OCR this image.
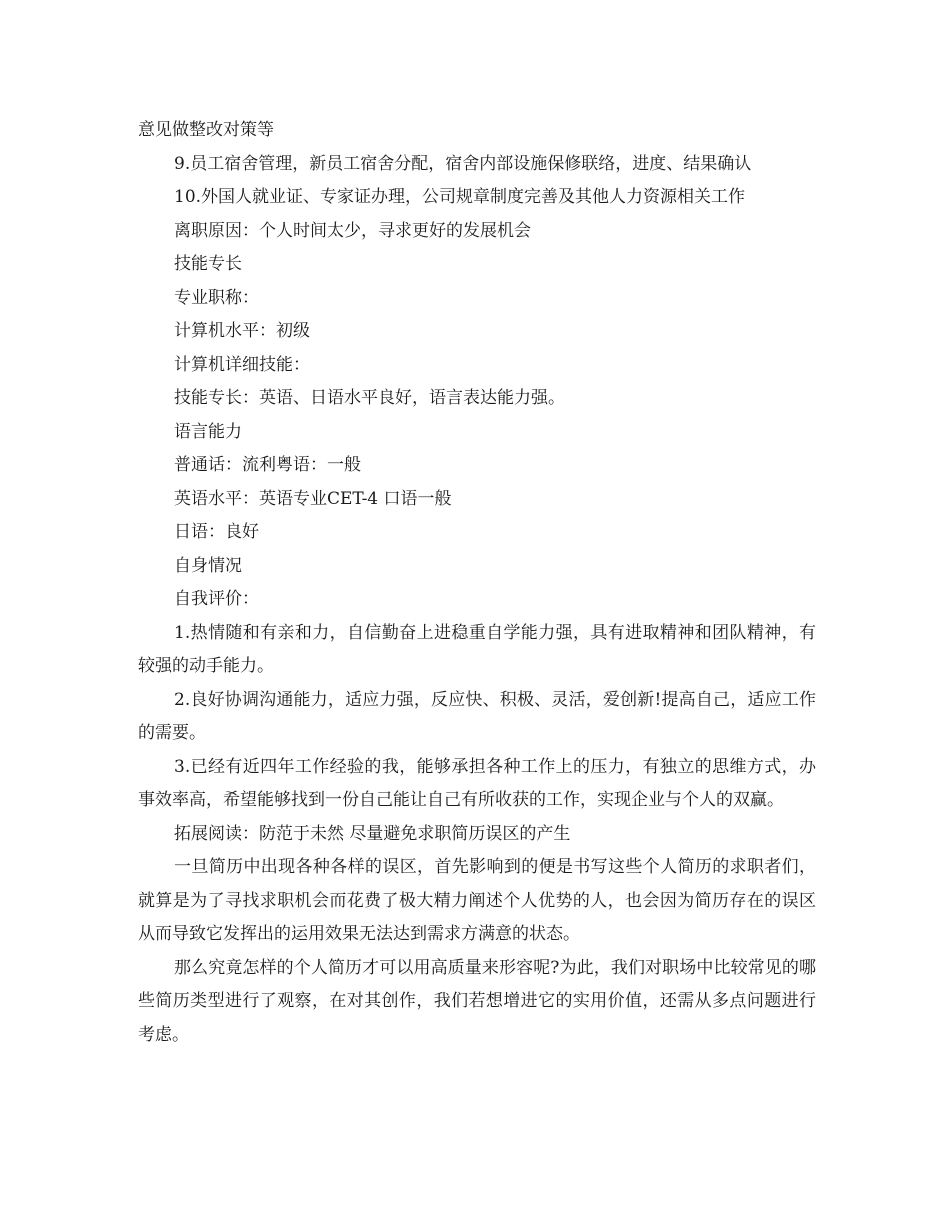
意见做整改对策等

9.员工宿舍管理，新员工宿舍分配，宿舍内部设施保修联络，进度、结果确认

10.外国人就业证、专家证办理，公司规章制度完善及其他人力资源相关工作

离职原因：个人时间太少，寻求更好的发展机会

技能专长

专业职称：

计算机水平：初级

计算机详细技能：

技能专长：英语、日语水平良好，语言表达能力强。

语言能力

普通话：流利粤语：一般

英语水平：英语专业CET-4 口语一般

日语：良好

自身情况

自我评价：

1.热情随和有亲和力，自信勤奋上进稳重自学能力强，具有进取精神和团队精神，有较强的动手能力。

2.良好协调沟通能力，适应力强，反应快、积极、灵活，爱创新!提高自己，适应工作的需要。

3.已经有近四年工作经验的我，能够承担各种工作上的压力，有独立的思维方式，办事效率高，希望能够找到一份自己能让自己有所收获的工作，实现企业与个人的双赢。

拓展阅读：防范于未然 尽量避免求职简历误区的产生

一旦简历中出现各种各样的误区，首先影响到的便是书写这些个人简历的求职者们，就算是为了寻找求职机会而花费了极大精力阐述个人优势的人，也会因为简历存在的误区从而导致它发挥出的运用效果无法达到需求方满意的状态。

那么究竟怎样的个人简历才可以用高质量来形容呢?为此，我们对职场中比较常见的哪些简历类型进行了观察，在对其创作，我们若想增进它的实用价值，还需从多点问题进行考虑。
